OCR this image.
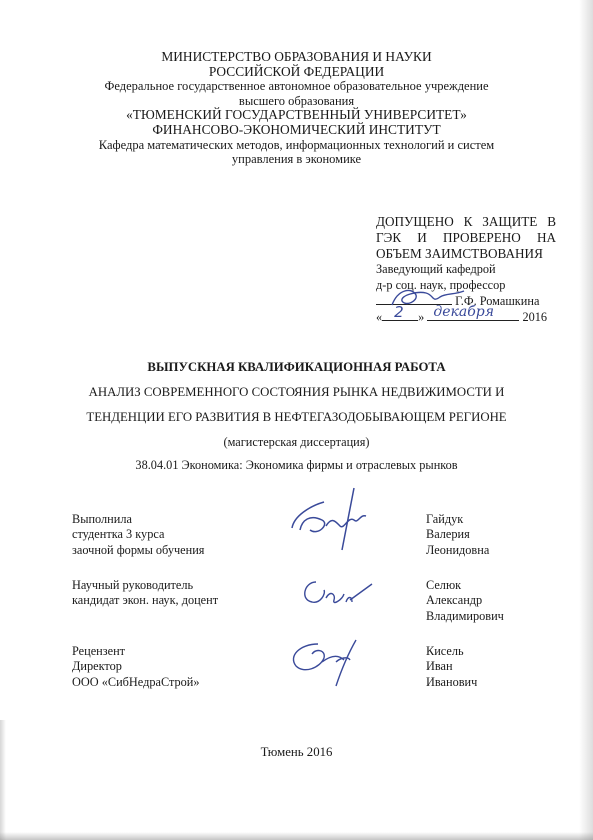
МИНИСТЕРСТВО ОБРАЗОВАНИЯ И НАУКИ
РОССИЙСКОЙ ФЕДЕРАЦИИ
Федеральное государственное автономное образовательное учреждение
высшего образования
«ТЮМЕНСКИЙ ГОСУДАРСТВЕННЫЙ УНИВЕРСИТЕТ»
ФИНАНСОВО-ЭКОНОМИЧЕСКИЙ ИНСТИТУТ
Кафедра математических методов, информационных технологий и систем
управления в экономике
ДОПУЩЕНО К ЗАЩИТЕ В
ГЭК И ПРОВЕРЕНО НА
ОБЪЕМ ЗАИМСТВОВАНИЯ
Заведующий кафедрой
д-р соц. наук, профессор
Г.Ф. Ромашкина
« 2 » декабря 2016
ВЫПУСКНАЯ КВАЛИФИКАЦИОННАЯ РАБОТА
АНАЛИЗ СОВРЕМЕННОГО СОСТОЯНИЯ РЫНКА НЕДВИЖИМОСТИ И
ТЕНДЕНЦИИ ЕГО РАЗВИТИЯ В НЕФТЕГАЗОДОБЫВАЮЩЕМ РЕГИОНЕ
(магистерская диссертация)
38.04.01 Экономика: Экономика фирмы и отраслевых рынков
Выполнила
студентка 3 курса
заочной формы обучения
Гайдук
Валерия
Леонидовна
Научный руководитель
кандидат экон. наук, доцент
Селюк
Александр
Владимирович
Рецензент
Директор
ООО «СибНедраСтрой»
Кисель
Иван
Иванович
Тюмень 2016
